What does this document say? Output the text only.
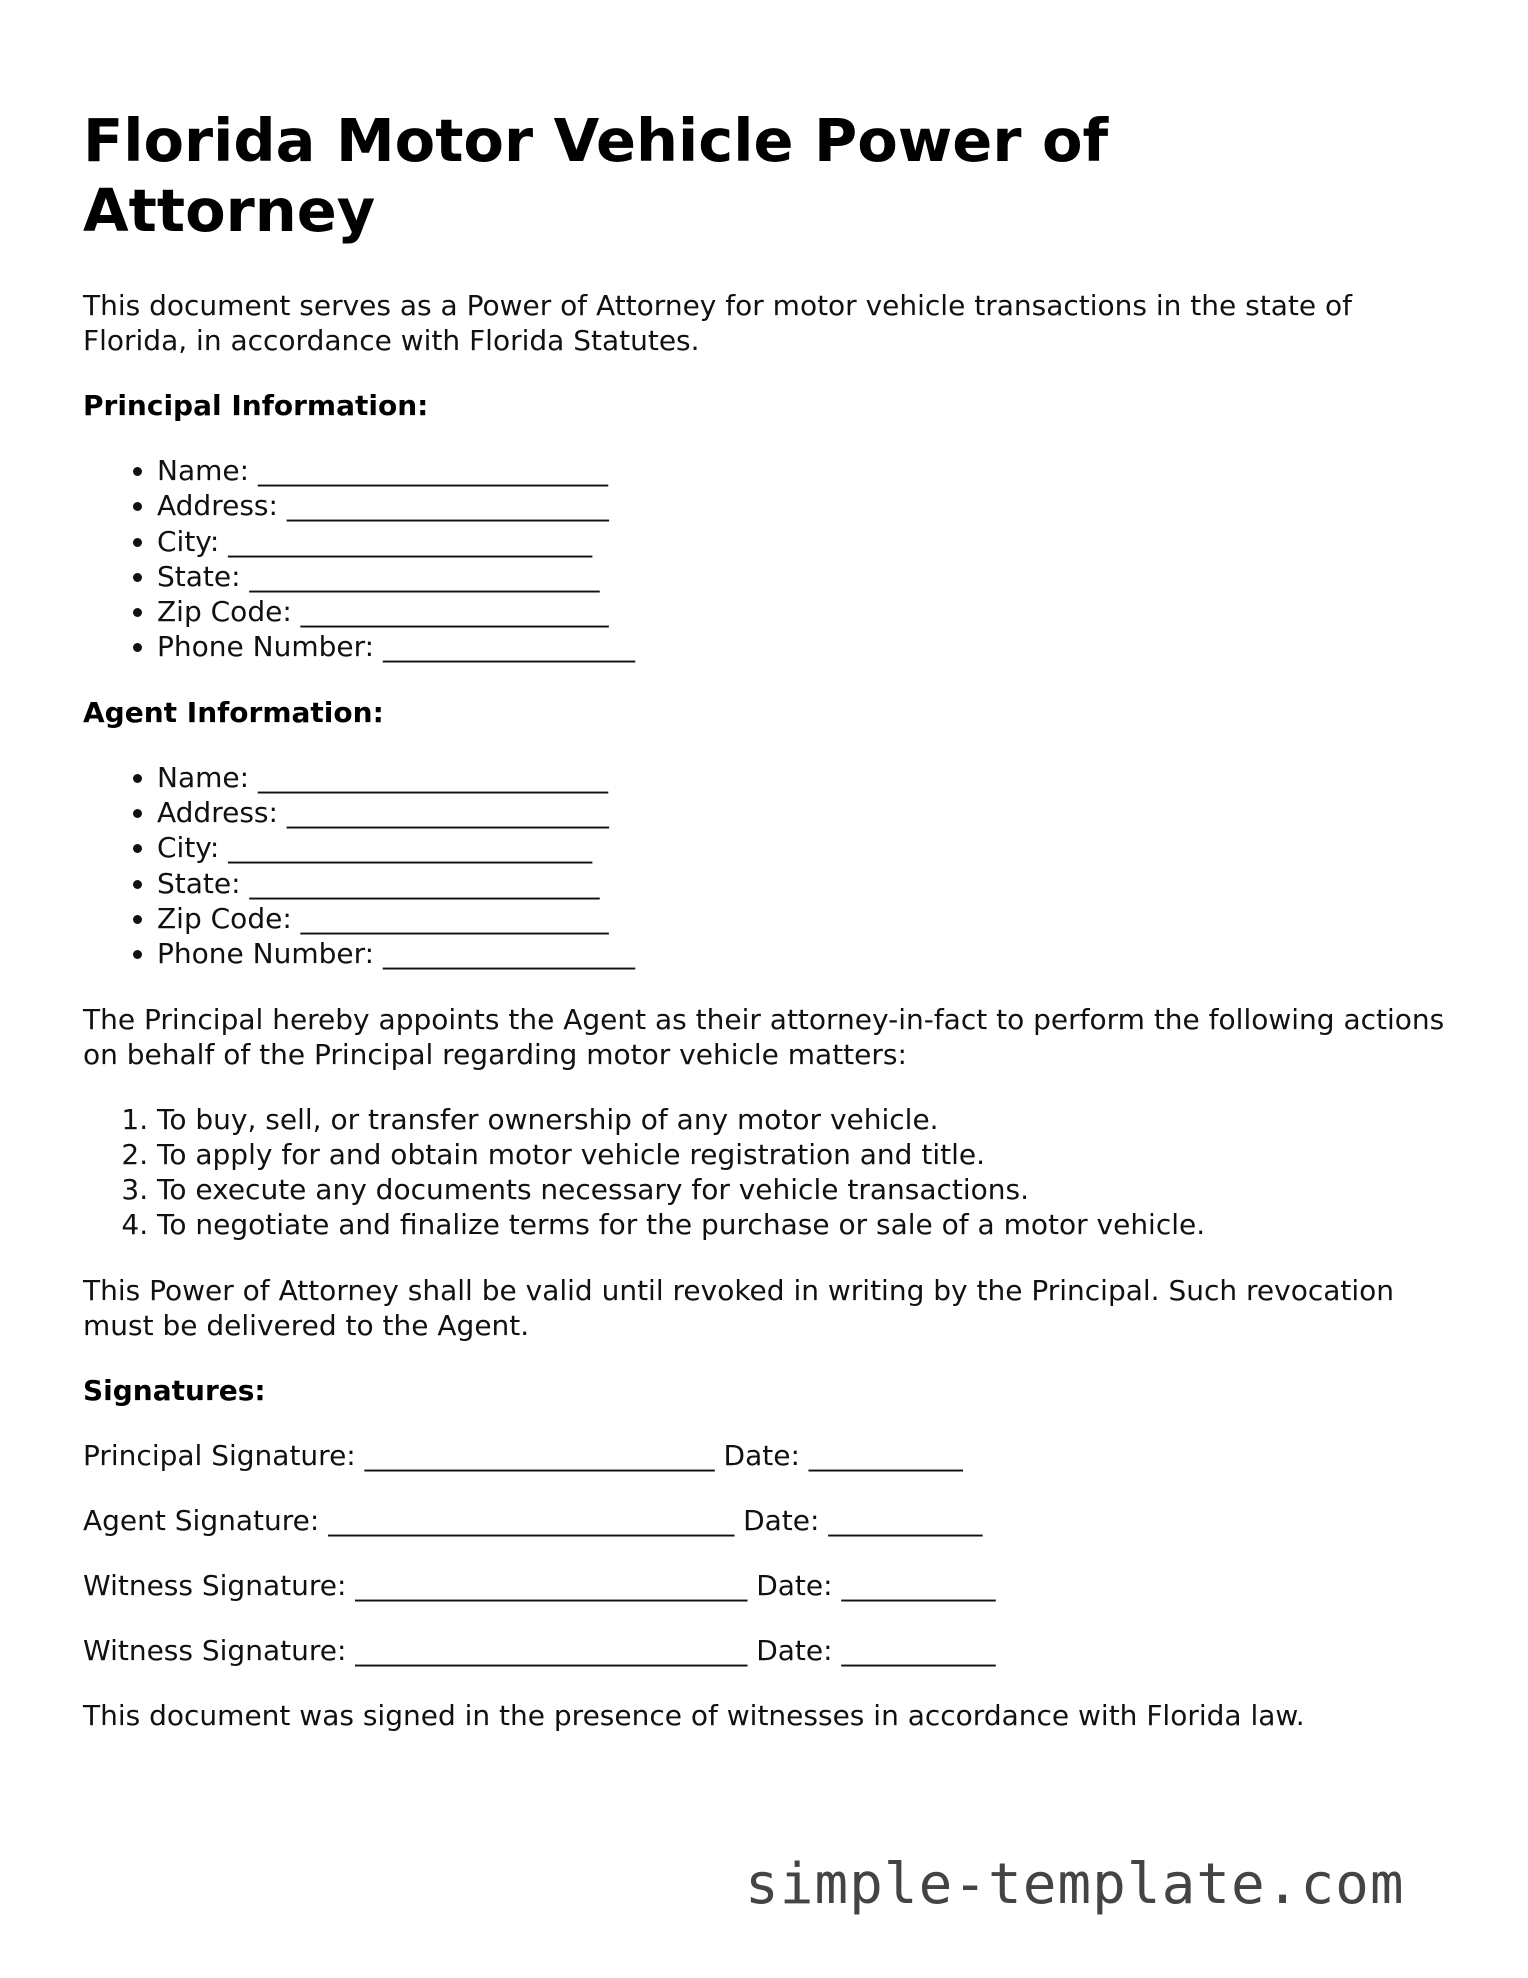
Florida Motor Vehicle Power of Attorney

This document serves as a Power of Attorney for motor vehicle transactions in the state of Florida, in accordance with Florida Statutes.

Principal Information:
• Name: _________________________
• Address: _______________________
• City: __________________________
• State: _________________________
• Zip Code: ______________________
• Phone Number: __________________
Agent Information:
• Name: _________________________
• Address: _______________________
• City: __________________________
• State: _________________________
• Zip Code: ______________________
• Phone Number: __________________

The Principal hereby appoints the Agent as their attorney-in-fact to perform the following actions on behalf of the Principal regarding motor vehicle matters:

1. To buy, sell, or transfer ownership of any motor vehicle.
2. To apply for and obtain motor vehicle registration and title.
3. To execute any documents necessary for vehicle transactions.
4. To negotiate and finalize terms for the purchase or sale of a motor vehicle.

This Power of Attorney shall be valid until revoked in writing by the Principal. Such revocation must be delivered to the Agent.

Signatures:
Principal Signature: _________________________ Date: ___________
Agent Signature: _____________________________ Date: ___________
Witness Signature: ____________________________ Date: ___________
Witness Signature: ____________________________ Date: ___________

This document was signed in the presence of witnesses in accordance with Florida law.

simple-template.com
